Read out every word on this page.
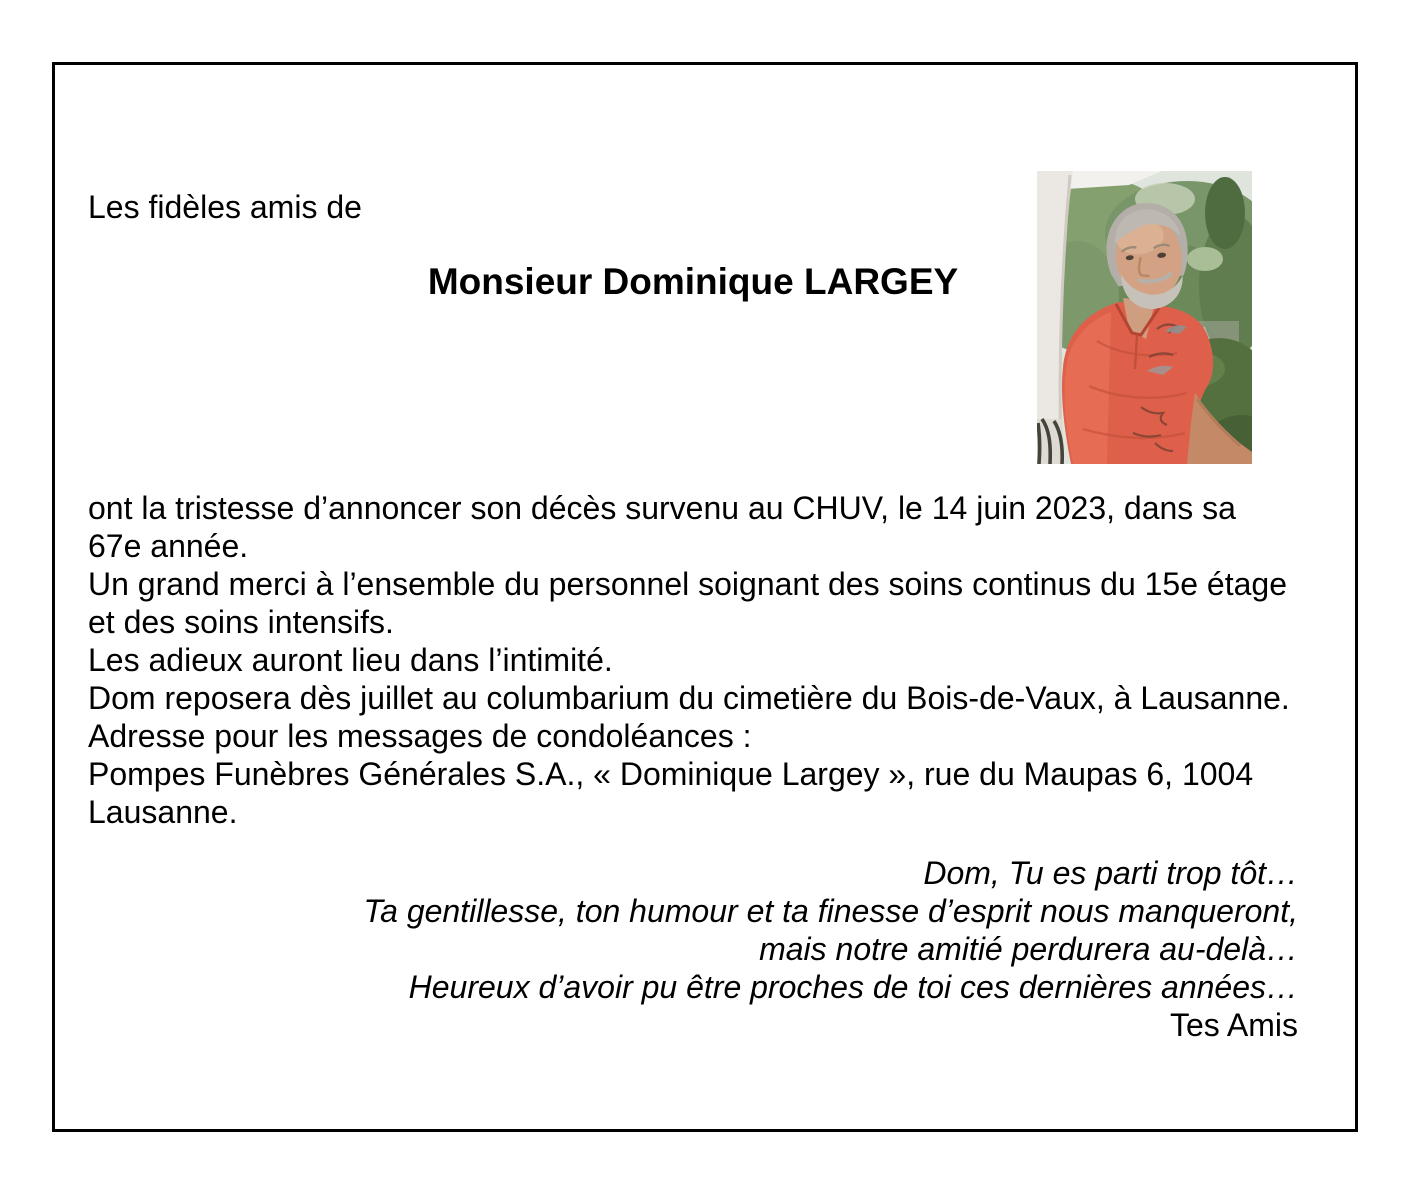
Les fidèles amis de
Monsieur Dominique LARGEY
ont la tristesse d’annoncer son décès survenu au CHUV, le 14 juin 2023, dans sa
67e année.
Un grand merci à l’ensemble du personnel soignant des soins continus du 15e étage
et des soins intensifs.
Les adieux auront lieu dans l’intimité.
Dom reposera dès juillet au columbarium du cimetière du Bois-de-Vaux, à Lausanne.
Adresse pour les messages de condoléances :
Pompes Funèbres Générales S.A., « Dominique Largey », rue du Maupas 6, 1004
Lausanne.
Dom, Tu es parti trop tôt…
Ta gentillesse, ton humour et ta finesse d’esprit nous manqueront,
mais notre amitié perdurera au-delà…
Heureux d’avoir pu être proches de toi ces dernières années…
Tes Amis
